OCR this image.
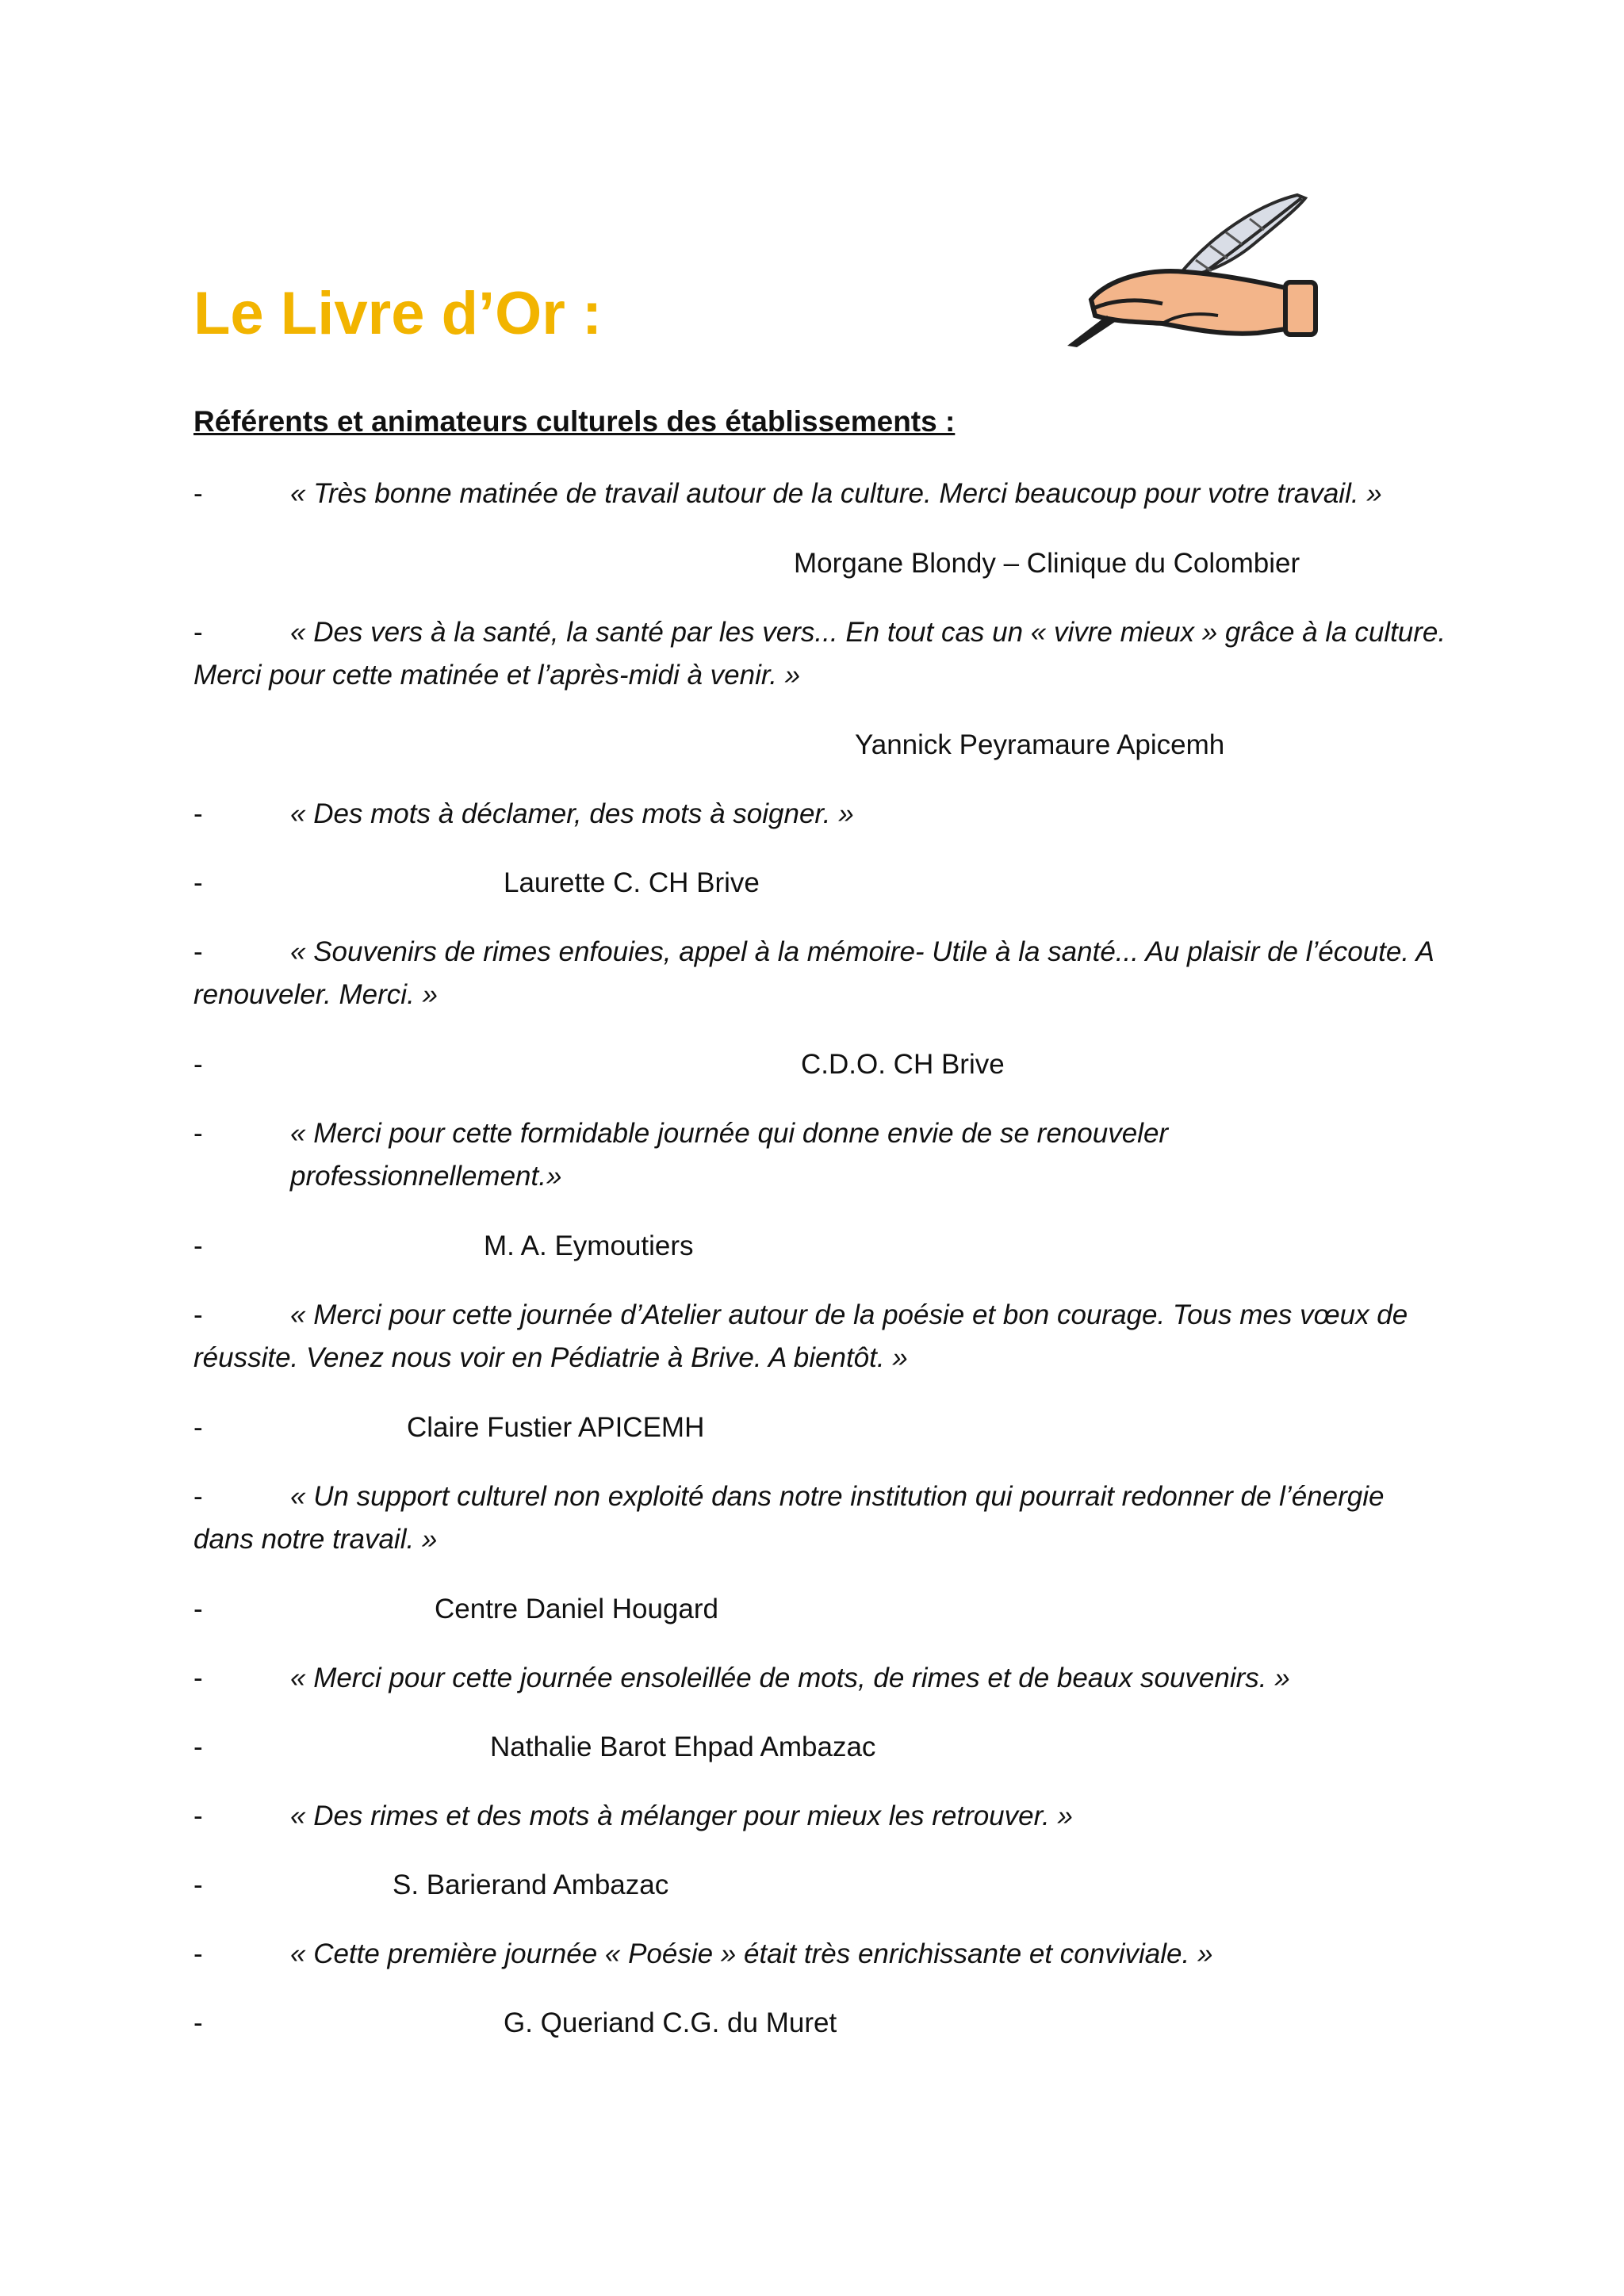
Le Livre d’Or :
Référents et animateurs culturels des établissements :
-	« Très bonne matinée de travail autour de la culture. Merci beaucoup pour votre travail. »
Morgane Blondy – Clinique du Colombier
-	« Des vers à la santé, la santé par les vers... En tout cas un « vivre mieux » grâce à la culture.
Merci pour cette matinée et l’après-midi à venir. »
Yannick Peyramaure Apicemh
-	« Des mots à déclamer, des mots à soigner. »
-	Laurette C. CH Brive
-	« Souvenirs de rimes enfouies, appel à la mémoire- Utile à la santé... Au plaisir de l’écoute. A
renouveler. Merci. »
-	C.D.O. CH Brive
-	« Merci pour cette formidable journée qui donne envie de se renouveler
professionnellement.»
-	M. A. Eymoutiers
-	« Merci pour cette journée d’Atelier autour de la poésie et bon courage. Tous mes vœux de
réussite. Venez nous voir en Pédiatrie à Brive. A bientôt. »
-	Claire Fustier APICEMH
-	« Un support culturel non exploité dans notre institution qui pourrait redonner de l’énergie
dans notre travail. »
-	Centre Daniel Hougard
-	« Merci pour cette journée ensoleillée de mots, de rimes et de beaux souvenirs. »
-	Nathalie Barot Ehpad Ambazac
-	« Des rimes et des mots à mélanger pour mieux les retrouver. »
-	S. Barierand Ambazac
-	« Cette première journée « Poésie » était très enrichissante et conviviale. »
-	G. Queriand C.G. du Muret
